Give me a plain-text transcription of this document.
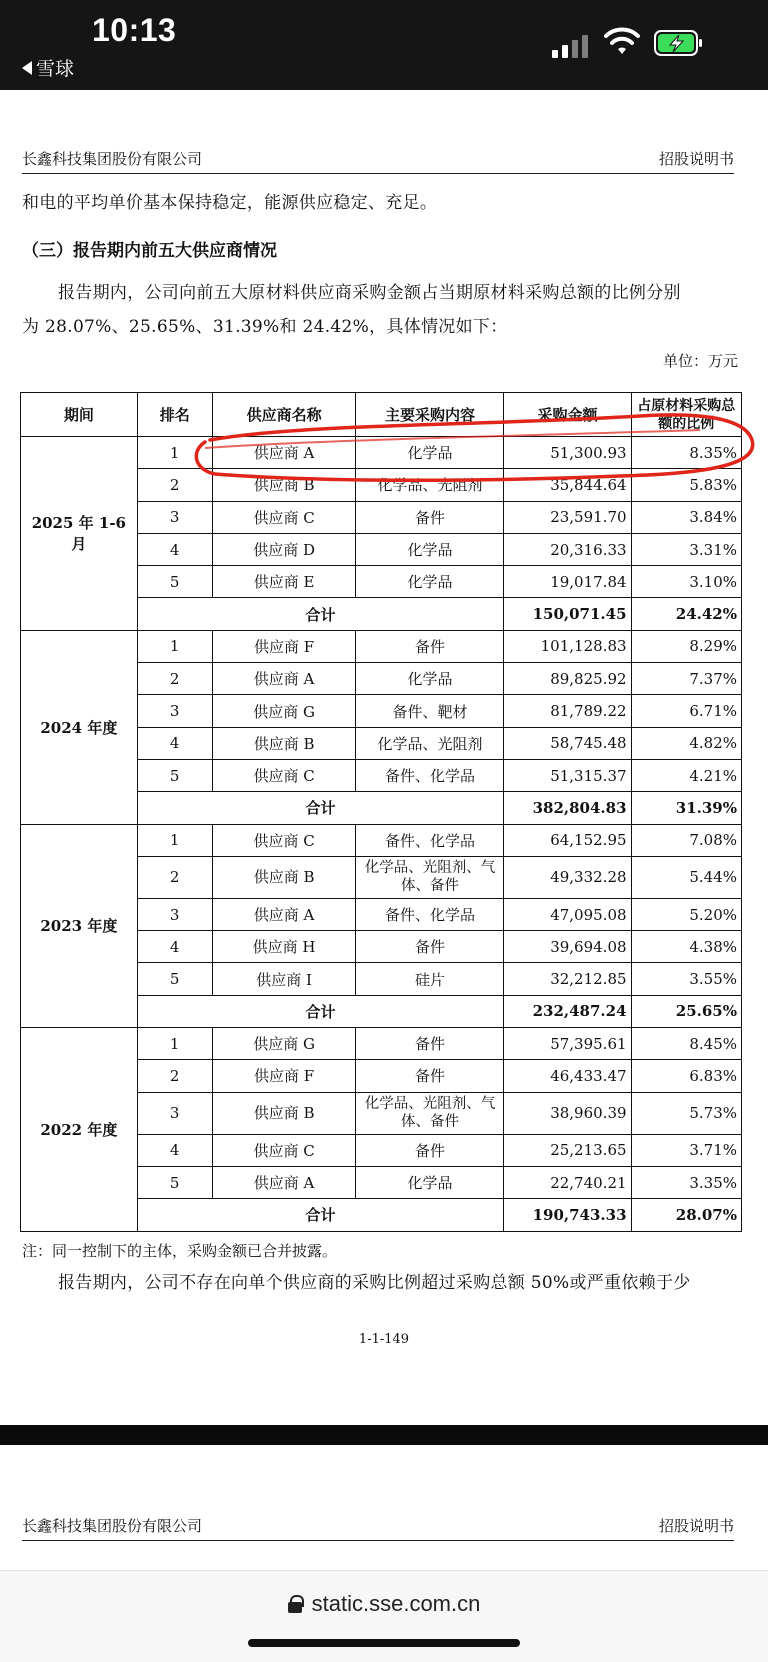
10:13
雪球
长鑫科技集团股份有限公司	招股说明书
和电的平均单价基本保持稳定，能源供应稳定、充足。
（三）报告期内前五大供应商情况
报告期内，公司向前五大原材料供应商采购金额占当期原材料采购总额的比例分别
为 28.07%、25.65%、31.39%和 24.42%，具体情况如下：
单位：万元
期间	排名	供应商名称	主要采购内容	采购金额	占原材料采购总额的比例
2025 年 1-6 月	1	供应商 A	化学品	51,300.93	8.35%
	2	供应商 B	化学品、光阻剂	35,844.64	5.83%
	3	供应商 C	备件	23,591.70	3.84%
	4	供应商 D	化学品	20,316.33	3.31%
	5	供应商 E	化学品	19,017.84	3.10%
	合计			150,071.45	24.42%
2024 年度	1	供应商 F	备件	101,128.83	8.29%
	2	供应商 A	化学品	89,825.92	7.37%
	3	供应商 G	备件、靶材	81,789.22	6.71%
	4	供应商 B	化学品、光阻剂	58,745.48	4.82%
	5	供应商 C	备件、化学品	51,315.37	4.21%
	合计			382,804.83	31.39%
2023 年度	1	供应商 C	备件、化学品	64,152.95	7.08%
	2	供应商 B	化学品、光阻剂、气体、备件	49,332.28	5.44%
	3	供应商 A	备件、化学品	47,095.08	5.20%
	4	供应商 H	备件	39,694.08	4.38%
	5	供应商 I	硅片	32,212.85	3.55%
	合计			232,487.24	25.65%
2022 年度	1	供应商 G	备件	57,395.61	8.45%
	2	供应商 F	备件	46,433.47	6.83%
	3	供应商 B	化学品、光阻剂、气体、备件	38,960.39	5.73%
	4	供应商 C	备件	25,213.65	3.71%
	5	供应商 A	化学品	22,740.21	3.35%
	合计			190,743.33	28.07%
注：同一控制下的主体，采购金额已合并披露。
报告期内，公司不存在向单个供应商的采购比例超过采购总额 50%或严重依赖于少
1-1-149
长鑫科技集团股份有限公司	招股说明书
static.sse.com.cn
